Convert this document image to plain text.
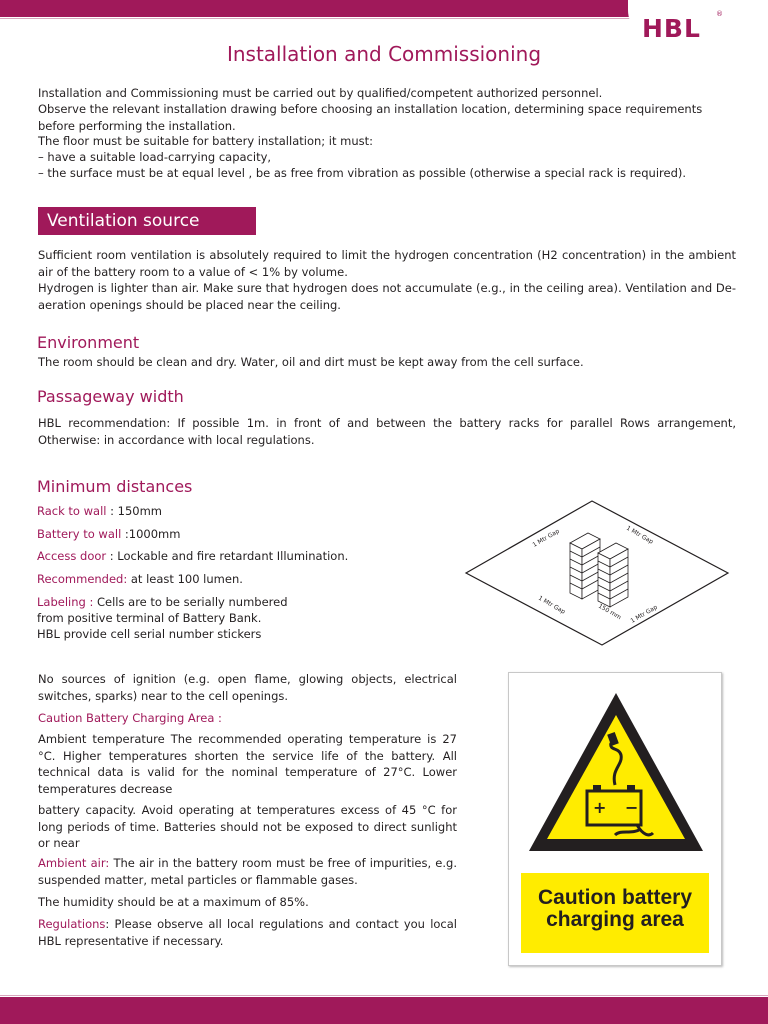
HBL ®
Installation and Commissioning
Installation and Commissioning must be carried out by qualified/competent authorized personnel.
Observe the relevant installation drawing before choosing an installation location, determining space requirements before performing the installation.
The floor must be suitable for battery installation; it must:
– have a suitable load-carrying capacity,
– the surface must be at equal level , be as free from vibration as possible (otherwise a special rack is required).
Ventilation source
Sufficient room ventilation is absolutely required to limit the hydrogen concentration (H2 concentration) in the ambient air of the battery room to a value of < 1% by volume.
Hydrogen is lighter than air. Make sure that hydrogen does not accumulate (e.g., in the ceiling area). Ventilation and De-aeration openings should be placed near the ceiling.
Environment
The room should be clean and dry. Water, oil and dirt must be kept away from the cell surface.
Passageway width
HBL recommendation: If possible 1m. in front of and between the battery racks for parallel Rows arrangement, Otherwise: in accordance with local regulations.
Minimum distances
Rack to wall : 150mm
Battery to wall :1000mm
Access door : Lockable and fire retardant Illumination.
Recommended: at least 100 lumen.
Labeling : Cells are to be serially numbered
from positive terminal of Battery Bank.
HBL provide cell serial number stickers
1 Mtr Gap	1 Mtr Gap
1 Mtr Gap	1 Mtr Gap
150 mm
No sources of ignition (e.g. open flame, glowing objects, electrical switches, sparks) near to the cell openings.
Caution Battery Charging Area :
Ambient temperature The recommended operating temperature is 27 °C. Higher temperatures shorten the service life of the battery. All technical data is valid for the nominal temperature of 27°C. Lower temperatures decrease
battery capacity. Avoid operating at temperatures excess of 45 °C for long periods of time. Batteries should not be exposed to direct sunlight or near
Ambient air: The air in the battery room must be free of impurities, e.g. suspended matter, metal particles or flammable gases.
The humidity should be at a maximum of 85%.
Regulations: Please observe all local regulations and contact you local HBL representative if necessary.
+ −
Caution battery
charging area
